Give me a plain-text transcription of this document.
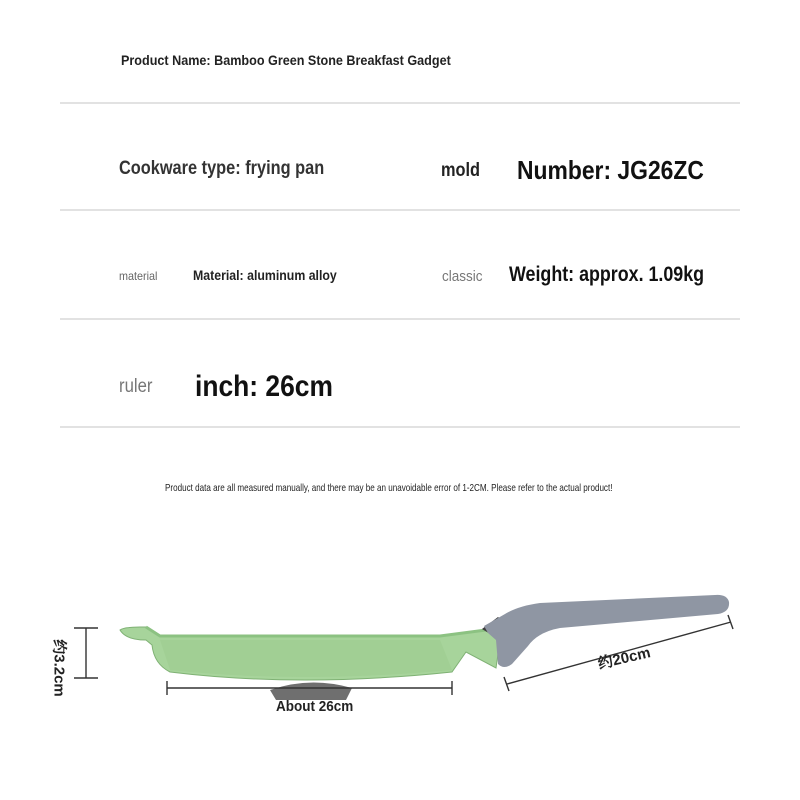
Product Name: Bamboo Green Stone Breakfast Gadget
Cookware type: frying pan	mold Number: JG26ZC
material	Material: aluminum alloy	classic Weight: approx. 1.09kg
ruler inch: 26cm
Product data are all measured manually, and there may be an unavoidable error of 1-2CM. Please refer to the actual product!
约3.2cm
About 26cm
约20cm
